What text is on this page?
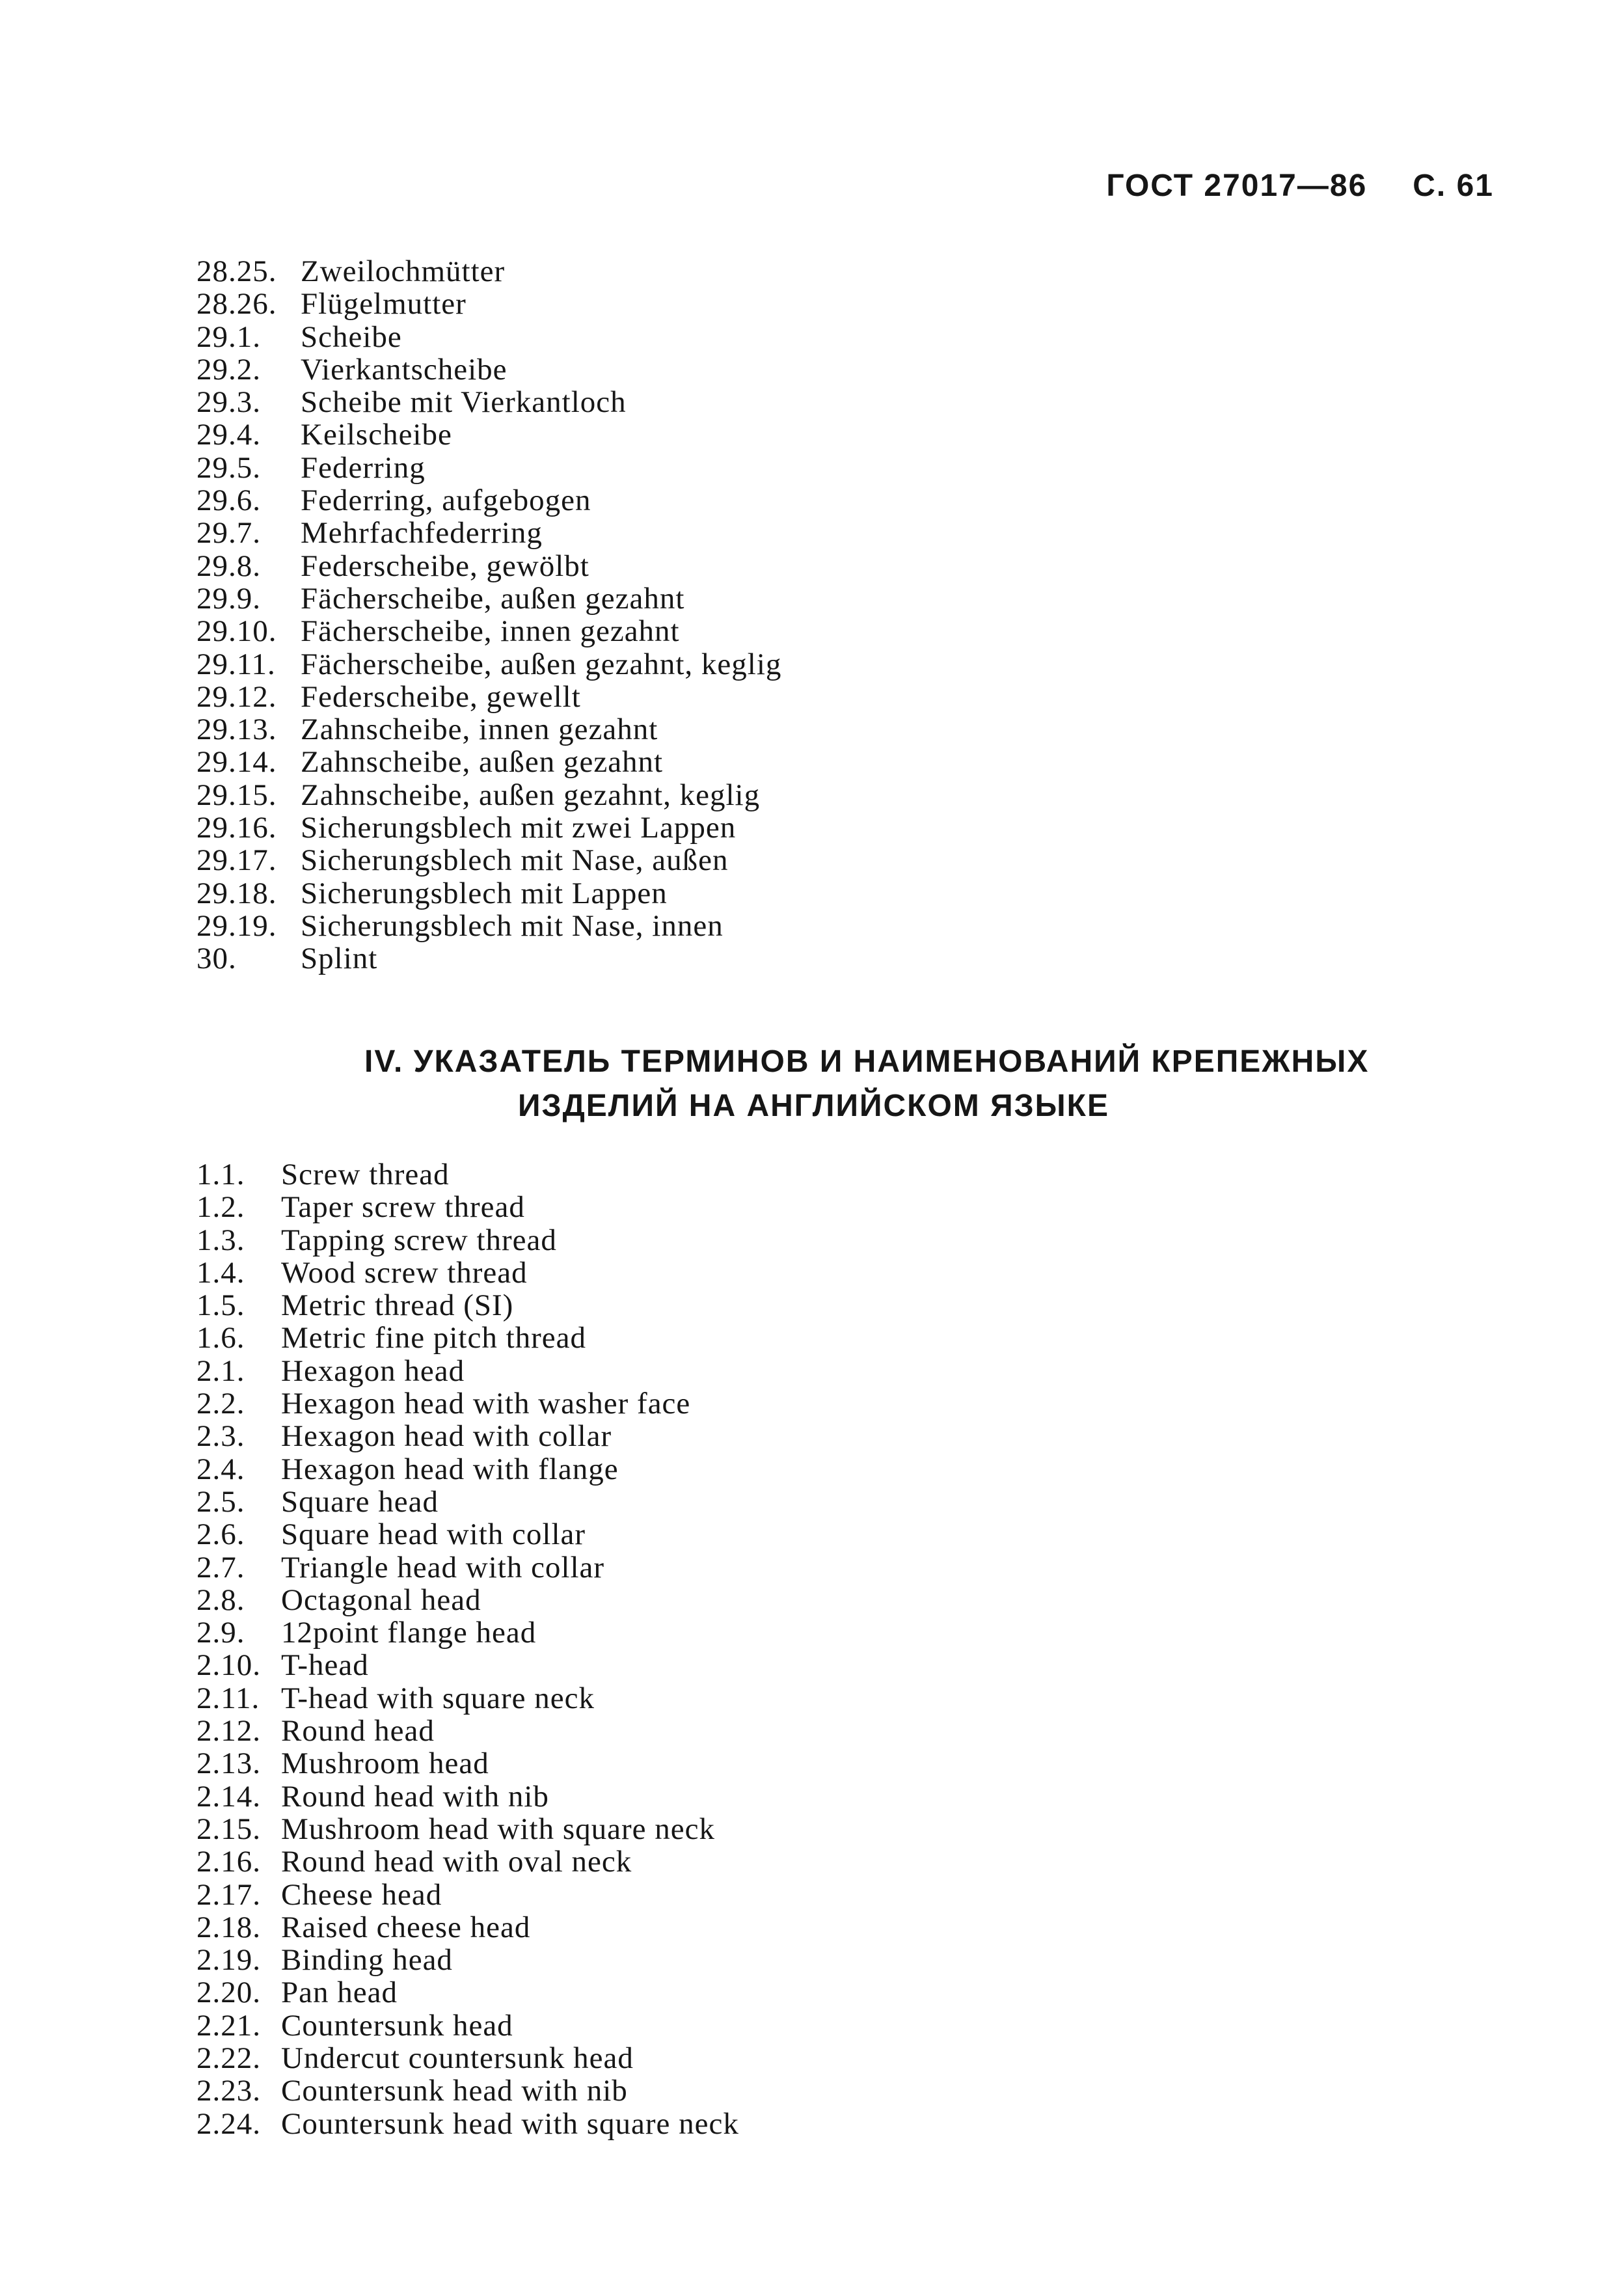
ГОСТ 27017—86 С. 61
28.25. Zweilochmütter
28.26. Flügelmutter
29.1.	Scheibe
29.2.	Vierkantscheibe
29.3.	Scheibe mit Vierkantloch
29.4.	Keilscheibe
29.5.	Federring
29.6.	Federring, aufgebogen
29.7.	Mehrfachfederring
29.8.	Federscheibe, gewölbt
29.9.	Fächerscheibe, außen gezahnt
29.10. Fächerscheibe, innen gezahnt
29.11. Fächerscheibe, außen gezahnt, keglig
29.12. Federscheibe, gewellt
29.13. Zahnscheibe, innen gezahnt
29.14. Zahnscheibe, außen gezahnt
29.15. Zahnscheibe, außen gezahnt, keglig
29.16. Sicherungsblech mit zwei Lappen
29.17. Sicherungsblech mit Nase, außen
29.18. Sicherungsblech mit Lappen
29.19. Sicherungsblech mit Nase, innen
30.	Splint
IV. УКАЗАТЕЛЬ ТЕРМИНОВ И НАИМЕНОВАНИЙ КРЕПЕЖНЫХ
ИЗДЕЛИЙ НА АНГЛИЙСКОМ ЯЗЫКЕ
1.1.	Screw thread
1.2.	Taper screw thread
1.3.	Tapping screw thread
1.4.	Wood screw thread
1.5.	Metric thread (SI)
1.6.	Metric fine pitch thread
2.1.	Hexagon head
2.2.	Hexagon head with washer face
2.3.	Hexagon head with collar
2.4.	Hexagon head with flange
2.5.	Square head
2.6.	Square head with collar
2.7.	Triangle head with collar
2.8.	Octagonal head
2.9.	12point flange head
2.10. T-head
2.11. T-head with square neck
2.12. Round head
2.13. Mushroom head
2.14. Round head with nib
2.15. Mushroom head with square neck
2.16. Round head with oval neck
2.17. Cheese head
2.18. Raised cheese head
2.19. Binding head
2.20. Pan head
2.21. Countersunk head
2.22. Undercut countersunk head
2.23. Countersunk head with nib
2.24. Countersunk head with square neck
